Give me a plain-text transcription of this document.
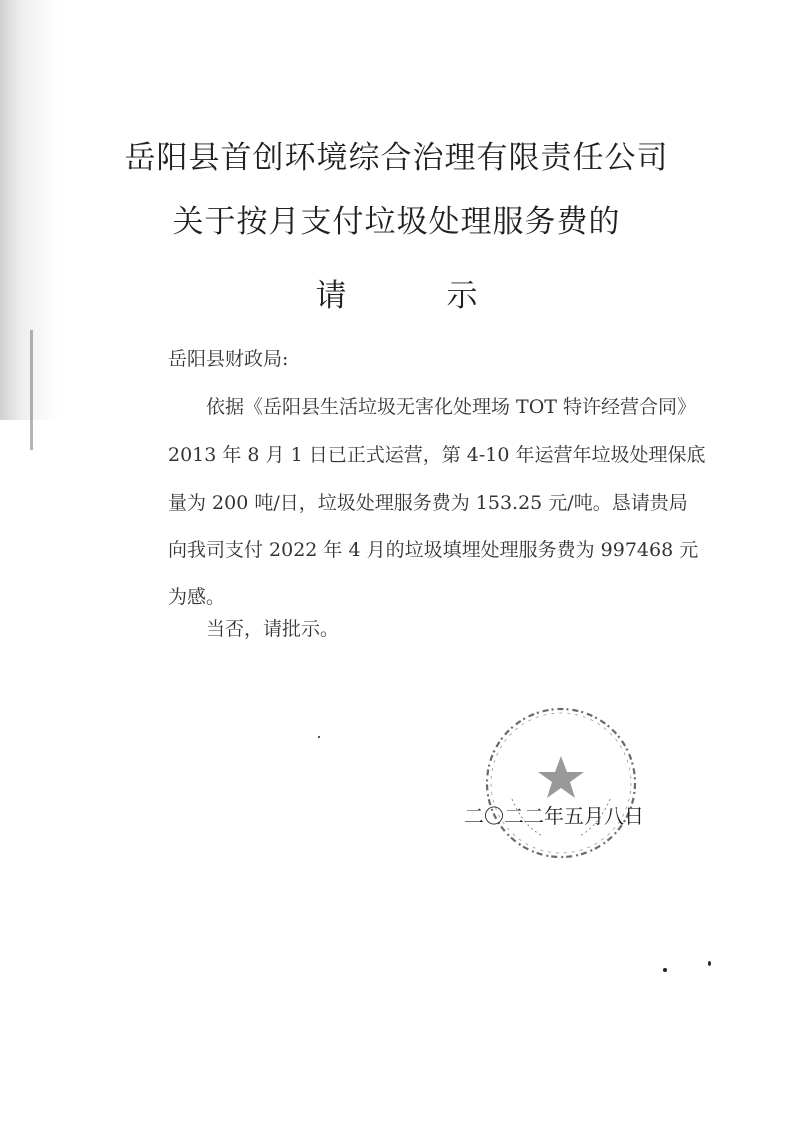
岳阳县首创环境综合治理有限责任公司
关于按月支付垃圾处理服务费的
请	示
岳阳县财政局:
依据《岳阳县生活垃圾无害化处理场 TOT 特许经营合同》
2013 年 8 月 1 日已正式运营，第 4-10 年运营年垃圾处理保底
量为 200 吨/日，垃圾处理服务费为 153.25 元/吨。恳请贵局
向我司支付 2022 年 4 月的垃圾填埋处理服务费为 997468 元
为感。
当否，请批示。
二〇二二年五月八日
